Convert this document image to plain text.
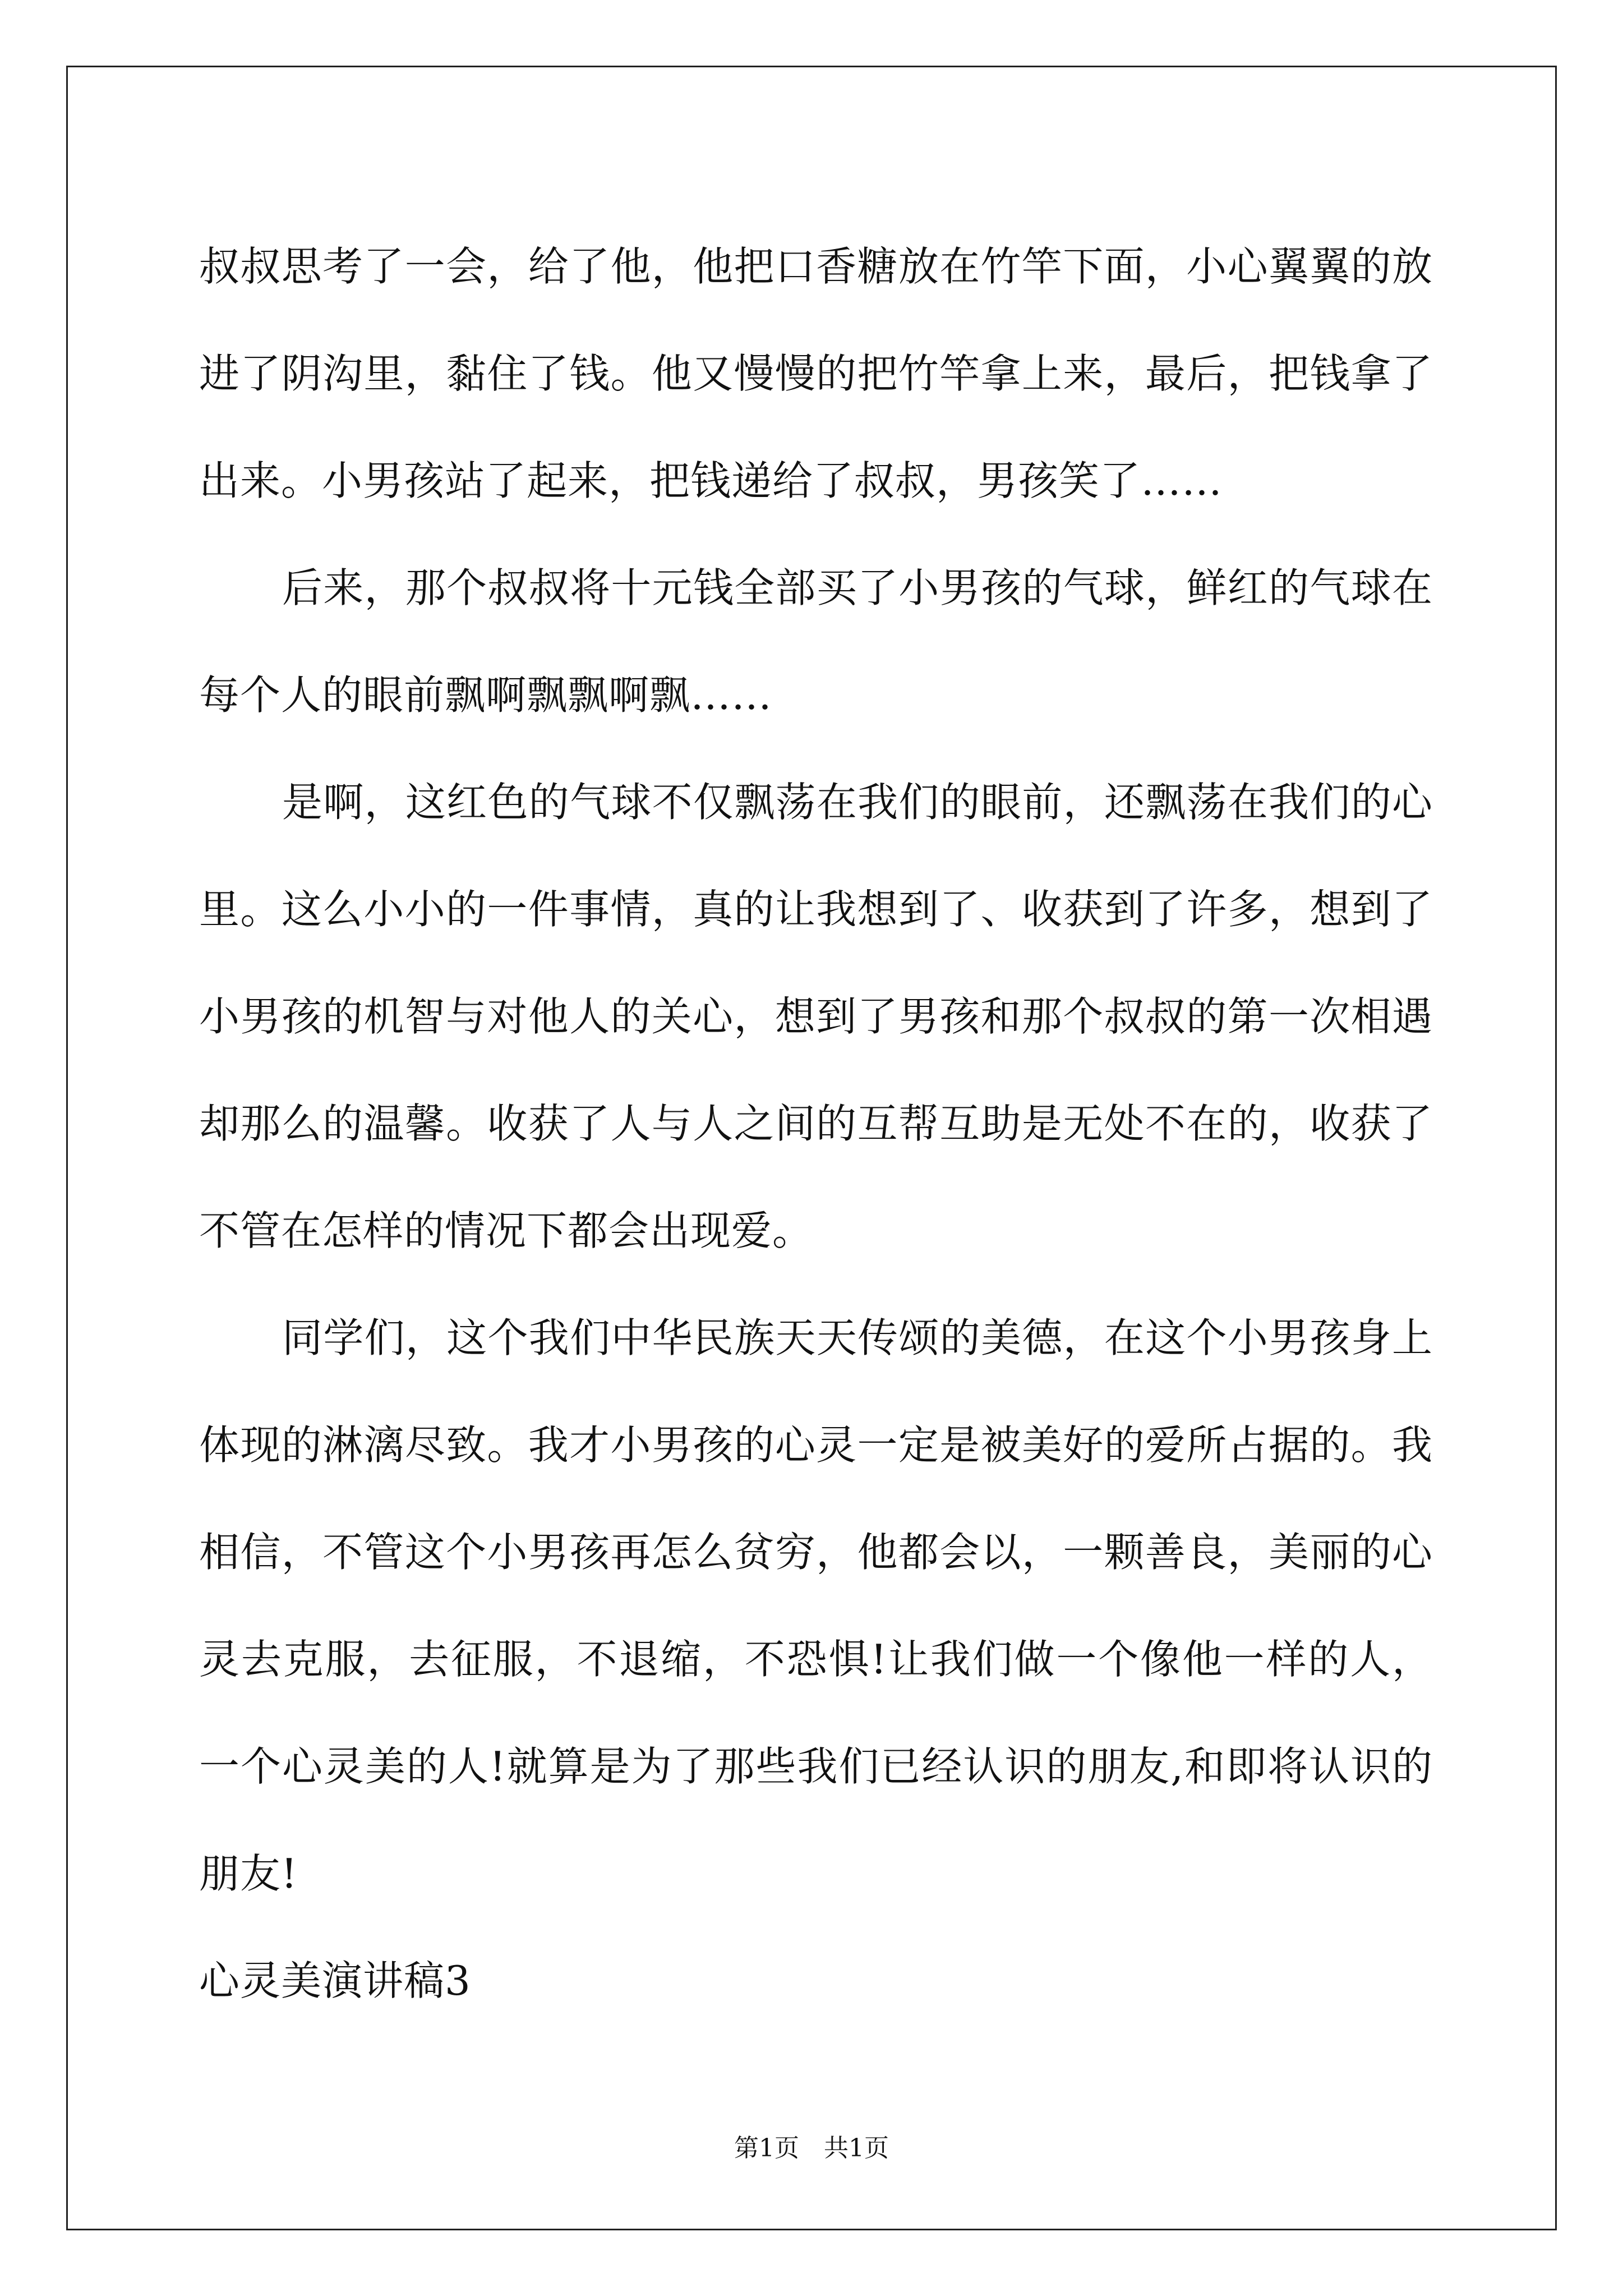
叔叔思考了一会，给了他，他把口香糖放在竹竿下面，小心翼翼的放进了阴沟里，黏住了钱。他又慢慢的把竹竿拿上来，最后，把钱拿了出来。小男孩站了起来，把钱递给了叔叔，男孩笑了……

后来，那个叔叔将十元钱全部买了小男孩的气球，鲜红的气球在每个人的眼前飘啊飘飘啊飘……

是啊，这红色的气球不仅飘荡在我们的眼前，还飘荡在我们的心里。这么小小的一件事情，真的让我想到了、收获到了许多，想到了小男孩的机智与对他人的关心，想到了男孩和那个叔叔的第一次相遇却那么的温馨。收获了人与人之间的互帮互助是无处不在的，收获了不管在怎样的情况下都会出现爱。

同学们，这个我们中华民族天天传颂的美德，在这个小男孩身上体现的淋漓尽致。我才小男孩的心灵一定是被美好的爱所占据的。我相信，不管这个小男孩再怎么贫穷，他都会以，一颗善良，美丽的心灵去克服，去征服，不退缩，不恐惧!让我们做一个像他一样的人，一个心灵美的人!就算是为了那些我们已经认识的朋友,和即将认识的朋友!

心灵美演讲稿3

第1页　共1页
